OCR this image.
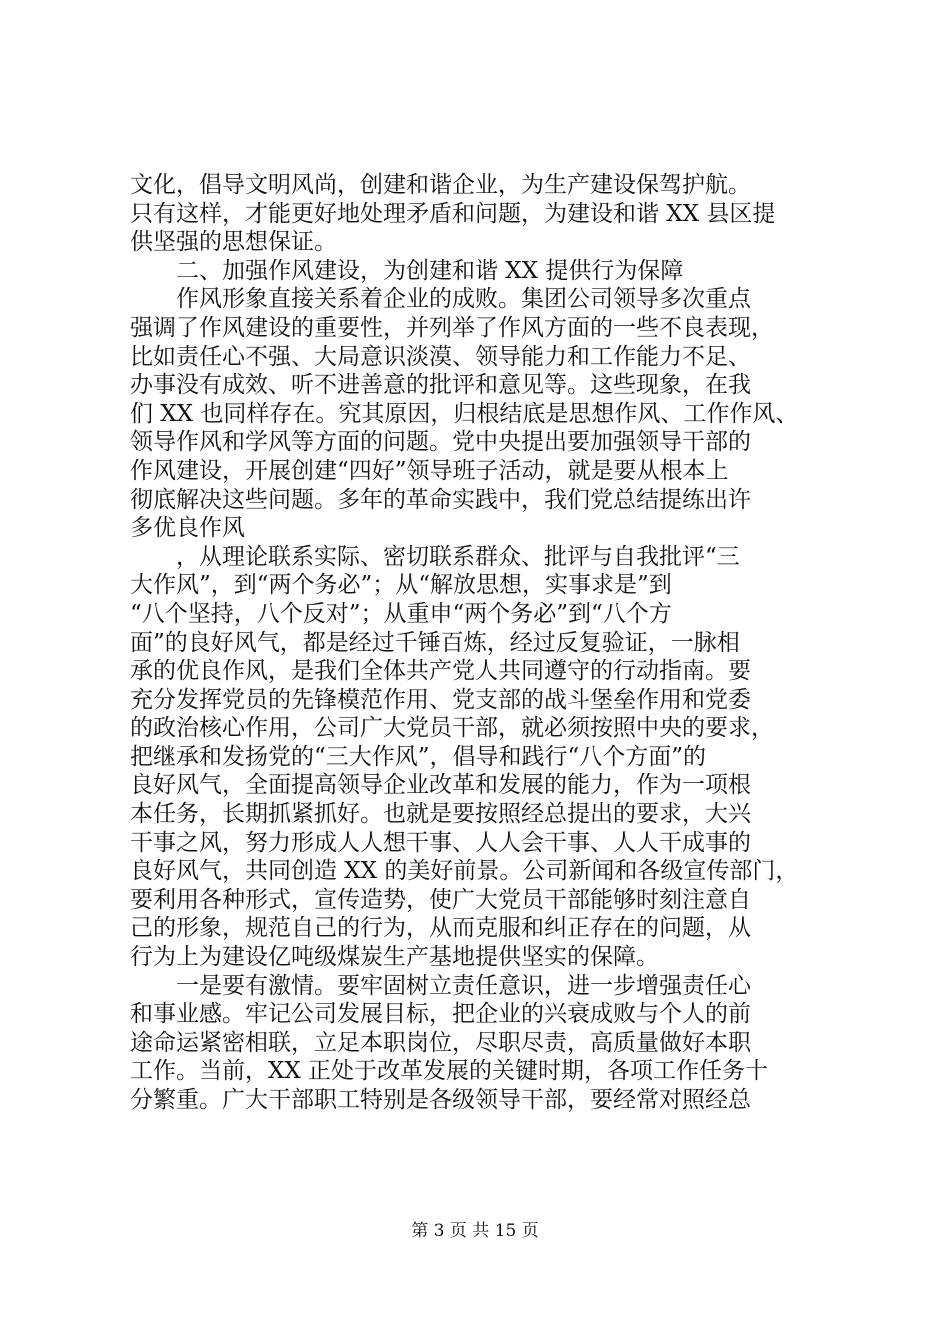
文化，倡导文明风尚，创建和谐企业，为生产建设保驾护航。
只有这样，才能更好地处理矛盾和问题，为建设和谐 XX 县区提
供坚强的思想保证。
二、加强作风建设，为创建和谐 XX 提供行为保障
作风形象直接关系着企业的成败。集团公司领导多次重点
强调了作风建设的重要性，并列举了作风方面的一些不良表现，
比如责任心不强、大局意识淡漠、领导能力和工作能力不足、
办事没有成效、听不进善意的批评和意见等。这些现象，在我
们 XX 也同样存在。究其原因，归根结底是思想作风、工作作风、
领导作风和学风等方面的问题。党中央提出要加强领导干部的
作风建设，开展创建“四好”领导班子活动，就是要从根本上
彻底解决这些问题。多年的革命实践中，我们党总结提练出许
多优良作风
，从理论联系实际、密切联系群众、批评与自我批评“三
大作风”，到“两个务必”；从“解放思想，实事求是”到
“八个坚持，八个反对”；从重申“两个务必”到“八个方
面”的良好风气，都是经过千锤百炼，经过反复验证，一脉相
承的优良作风，是我们全体共产党人共同遵守的行动指南。要
充分发挥党员的先锋模范作用、党支部的战斗堡垒作用和党委
的政治核心作用，公司广大党员干部，就必须按照中央的要求，
把继承和发扬党的“三大作风”，倡导和践行“八个方面”的
良好风气，全面提高领导企业改革和发展的能力，作为一项根
本任务，长期抓紧抓好。也就是要按照经总提出的要求，大兴
干事之风，努力形成人人想干事、人人会干事、人人干成事的
良好风气，共同创造 XX 的美好前景。公司新闻和各级宣传部门，
要利用各种形式，宣传造势，使广大党员干部能够时刻注意自
己的形象，规范自己的行为，从而克服和纠正存在的问题，从
行为上为建设亿吨级煤炭生产基地提供坚实的保障。
一是要有激情。要牢固树立责任意识，进一步增强责任心
和事业感。牢记公司发展目标，把企业的兴衰成败与个人的前
途命运紧密相联，立足本职岗位，尽职尽责，高质量做好本职
工作。当前，XX 正处于改革发展的关键时期，各项工作任务十
分繁重。广大干部职工特别是各级领导干部，要经常对照经总
第 3 页 共 15 页
